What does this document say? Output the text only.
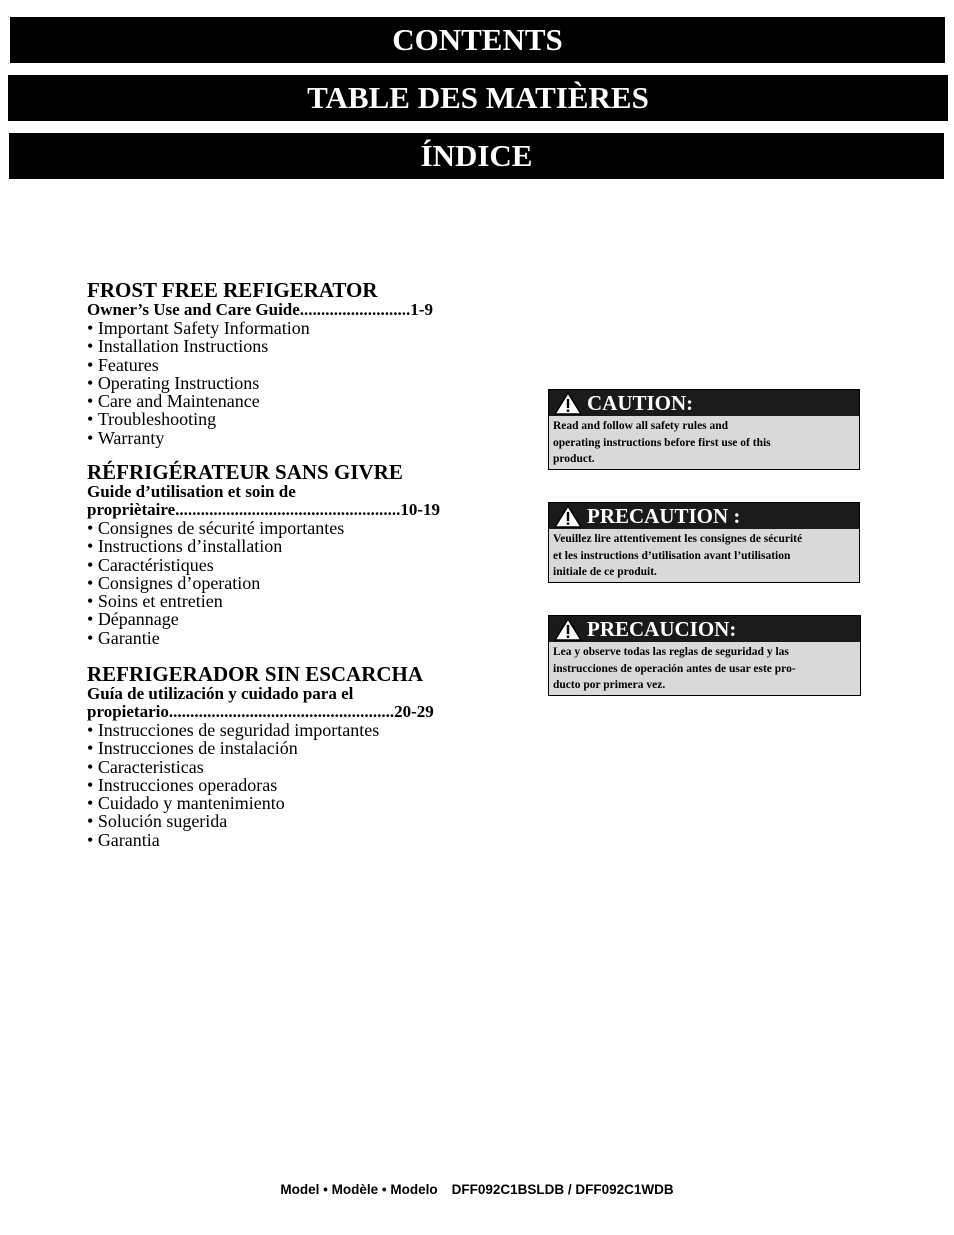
CONTENTS
TABLE DES MATIÈRES
ÍNDICE
FROST FREE REFIGERATOR
Owner’s Use and Care Guide..........................1-9
• Important Safety Information
• Installation Instructions
• Features
• Operating Instructions
• Care and Maintenance
• Troubleshooting
• Warranty
RÉFRIGÉRATEUR SANS GIVRE
Guide d’utilisation et soin de
propriètaire.....................................................10-19
• Consignes de sécurité importantes
• Instructions d’installation
• Caractéristiques
• Consignes d’operation
• Soins et entretien
• Dépannage
• Garantie
REFRIGERADOR SIN ESCARCHA
Guía de utilización y cuidado para el
propietario.....................................................20-29
• Instrucciones de seguridad importantes
• Instrucciones de instalación
• Caracteristicas
• Instrucciones operadoras
• Cuidado y mantenimiento
• Solución sugerida
• Garantia
CAUTION:
Read and follow all safety rules and
operating instructions before first use of this
product.
PRECAUTION :
Veuillez lire attentivement les consignes de sécurité
et les instructions d’utilisation avant l’utilisation
initiale de ce produit.
PRECAUCION:
Lea y observe todas las reglas de seguridad y las
instrucciones de operación antes de usar este pro-
ducto por primera vez.
Model • Modèle • Modelo DFF092C1BSLDB / DFF092C1WDB
